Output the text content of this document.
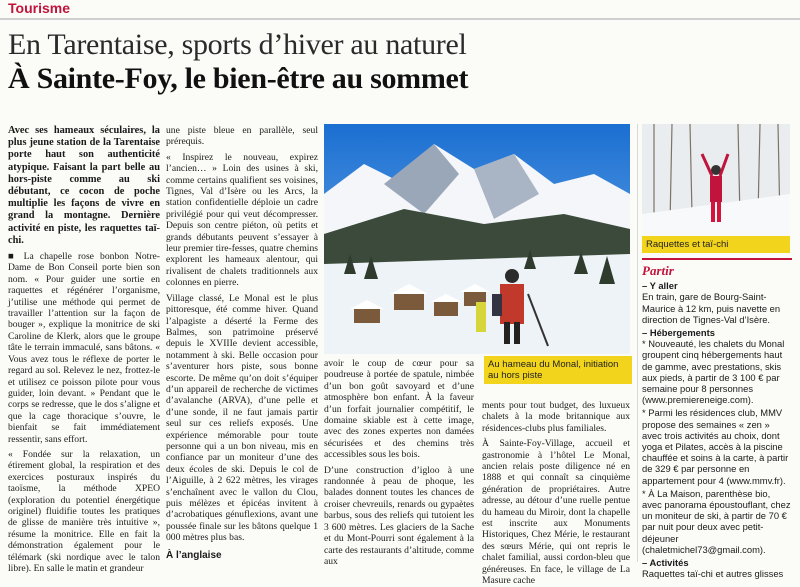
Tourisme
En Tarentaise, sports d’hiver au naturel
À Sainte-Foy, le bien-être au sommet

Avec ses hameaux séculaires, la plus jeune station de la Tarentaise porte haut son authenticité atypique. Faisant la part belle au hors-piste comme au ski débutant, ce cocon de poche multiplie les façons de vivre en grand la montagne. Dernière activité en piste, les raquettes taï-chi.

■ La chapelle rose bonbon Notre-Dame de Bon Conseil porte bien son nom. « Pour guider une sortie en raquettes et régénérer l’organisme, j’utilise une méthode qui permet de travailler l’attention sur la façon de bouger », explique la monitrice de ski Caroline de Klerk, alors que le groupe tâte le terrain immaculé, sans bâtons. « Vous avez tous le réflexe de porter le regard au sol. Relevez le nez, frottez-le et utilisez ce poisson pilote pour vous guider, loin devant. » Pendant que le corps se redresse, que le dos s’aligne et que la cage thoracique s’ouvre, le bienfait se fait immédiatement ressentir, sans effort.

« Fondée sur la relaxation, un étirement global, la respiration et des exercices posturaux inspirés du taoïsme, la méthode XPEO (exploration du potentiel énergétique originel) fluidifie toutes les pratiques de glisse de manière très intuitive », résume la monitrice. Elle en fait la démonstration également pour le télémark (ski nordique avec le talon libre). En salle le matin et grandeur

une piste bleue en parallèle, seul prérequis.

« Inspirez le nouveau, expirez l’ancien… » Loin des usines à ski, comme certains qualifient ses voisines, Tignes, Val d’Isère ou les Arcs, la station confidentielle déploie un cadre privilégié pour qui veut décompresser. Depuis son centre piéton, où petits et grands débutants peuvent s’essayer à leur premier tire-fesses, quatre chemins explorent les hameaux alentour, qui rivalisent de chalets traditionnels aux colonnes en pierre.

Village classé, Le Monal est le plus pittoresque, été comme hiver. Quand l’alpagiste a déserté la Ferme des Balmes, son patrimoine préservé depuis le XVIIIe devient accessible, notamment à ski. Belle occasion pour s’aventurer hors piste, sous bonne escorte. De même qu’on doit s’équiper d’un appareil de recherche de victimes d’avalanche (ARVA), d’une pelle et d’une sonde, il ne faut jamais partir seul sur ces reliefs exposés. Une expérience mémorable pour toute personne qui a un bon niveau, mis en confiance par un moniteur d’une des deux écoles de ski. Depuis le col de l’Aiguille, à 2 622 mètres, les virages s’enchaînent avec le vallon du Clou, puis mélèzes et épicéas invitent à d’acrobatiques génuflexions, avant une poussée finale sur les bâtons quelque 1 000 mètres plus bas.

À l’anglaise
Au hameau du Monal, initiation au hors piste
Raquettes et taï-chi

avoir le coup de cœur pour sa poudreuse à portée de spatule, nimbée d’un bon goût savoyard et d’une atmosphère bon enfant. À la faveur d’un forfait journalier compétitif, le domaine skiable est à cette image, avec des zones expertes non damées sécurisées et des chemins très accessibles sous les bois.

D’une construction d’igloo à une randonnée à peau de phoque, les balades donnent toutes les chances de croiser chevreuils, renards ou gypaètes barbus, sous des reliefs qui tutoient les 3 600 mètres. Les glaciers de la Sache et du Mont-Pourri sont également à la carte des restaurants d’altitude, comme aux

ments pour tout budget, des luxueux chalets à la mode britannique aux résidences-clubs plus familiales.

À Sainte-Foy-Village, accueil et gastronomie à l’hôtel Le Monal, ancien relais poste diligence né en 1888 et qui connaît sa cinquième génération de propriétaires. Autre adresse, au détour d’une ruelle pentue du hameau du Miroir, dont la chapelle est inscrite aux Monuments Historiques, Chez Mérie, le restaurant des sœurs Mérie, qui ont repris le chalet familial, aussi cordon-bleu que généreuses. En face, le village de La Masure cache

Partir
– Y aller

En train, gare de Bourg-Saint-Maurice à 12 km, puis navette en direction de Tignes-Val d’Isère.

– Hébergements

* Nouveauté, les chalets du Monal groupent cinq hébergements haut de gamme, avec prestations, skis aux pieds, à partir de 3 100 € par semaine pour 8 personnes (www.premiereneige.com).

* Parmi les résidences club, MMV propose des semaines « zen » avec trois activités au choix, dont yoga et Pilates, accès à la piscine chauffée et soins à la carte, à partir de 329 € par personne en appartement pour 4 (www.mmv.fr).

* À La Maison, parenthèse bio, avec panorama époustouflant, chez un moniteur de ski, à partir de 70 € par nuit pour deux avec petit-déjeuner (chaletmichel73@gmail.com).

– Activités

Raquettes taï-chi et autres glisses
